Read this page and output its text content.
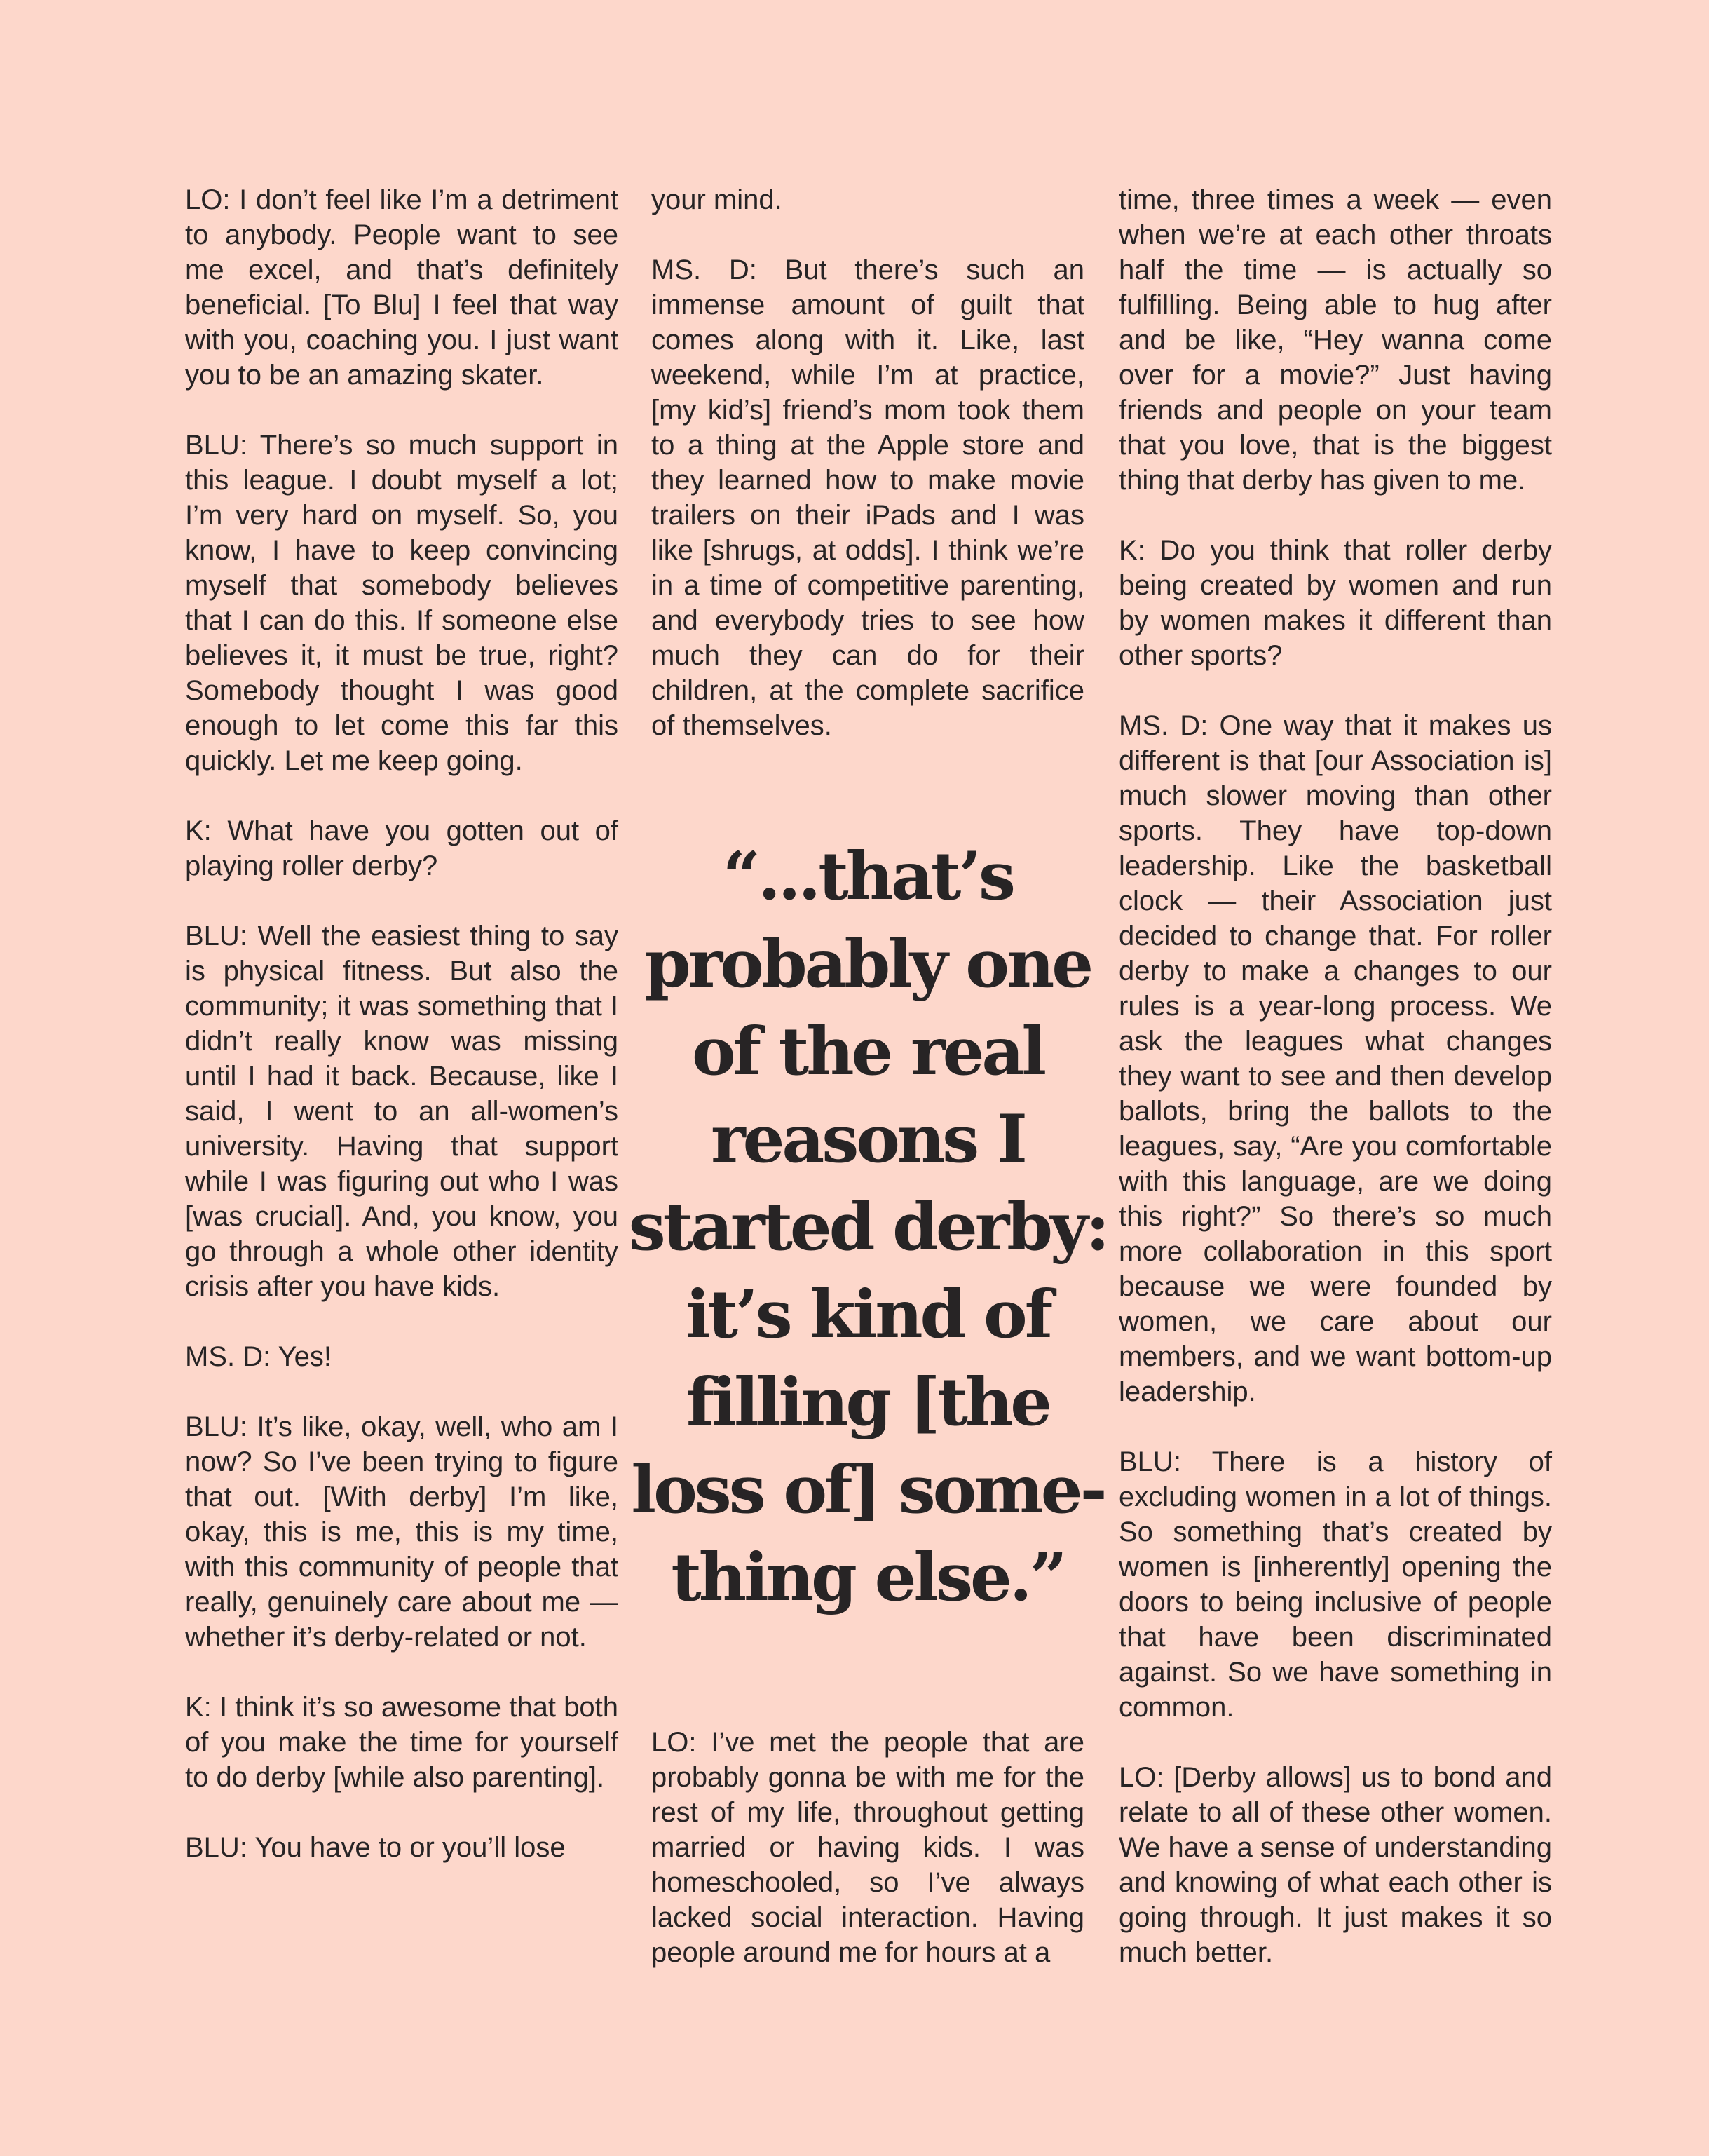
LO: I don’t feel like I’m a detriment to anybody. People want to see me excel, and that’s definitely beneficial. [To Blu] I feel that way with you, coaching you. I just want you to be an amazing skater.

BLU: There’s so much support in this league. I doubt myself a lot; I’m very hard on myself. So, you know, I have to keep convincing myself that somebody believes that I can do this. If someone else believes it, it must be true, right? Somebody thought I was good enough to let come this far this quickly. Let me keep going.

K: What have you gotten out of playing roller derby?

BLU: Well the easiest thing to say is physical fitness. But also the community; it was something that I didn’t really know was missing until I had it back. Because, like I said, I went to an all-women’s university. Having that support while I was figuring out who I was [was crucial]. And, you know, you go through a whole other identity crisis after you have kids.

MS. D: Yes!

BLU: It’s like, okay, well, who am I now? So I’ve been trying to figure that out. [With derby] I’m like, okay, this is me, this is my time, with this community of people that really, genuinely care about me — whether it’s derby-related or not.

K: I think it’s so awesome that both of you make the time for yourself to do derby [while also parenting].

BLU: You have to or you’ll lose

your mind.

MS. D: But there’s such an immense amount of guilt that comes along with it. Like, last weekend, while I’m at practice, [my kid’s] friend’s mom took them to a thing at the Apple store and they learned how to make movie trailers on their iPads and I was like [shrugs, at odds]. I think we’re in a time of competitive parenting, and everybody tries to see how much they can do for their children, at the complete sacrifice of themselves.

“...that’s
probably one
of the real
reasons I
started derby:
it’s kind of
filling [the
loss of] some-
thing else.”

LO: I’ve met the people that are probably gonna be with me for the rest of my life, throughout getting married or having kids. I was homeschooled, so I’ve always lacked social interaction. Having people around me for hours at a

time, three times a week — even when we’re at each other throats half the time — is actually so fulfilling. Being able to hug after and be like, “Hey wanna come over for a movie?” Just having friends and people on your team that you love, that is the biggest thing that derby has given to me.

K: Do you think that roller derby being created by women and run by women makes it different than other sports?

MS. D: One way that it makes us different is that [our Association is] much slower moving than other sports. They have top-down leadership. Like the basketball clock — their Association just decided to change that. For roller derby to make a changes to our rules is a year-long process. We ask the leagues what changes they want to see and then develop ballots, bring the ballots to the leagues, say, “Are you comfortable with this language, are we doing this right?” So there’s so much more collaboration in this sport because we were founded by women, we care about our members, and we want bottom-up leadership.

BLU: There is a history of excluding women in a lot of things. So something that’s created by women is [inherently] opening the doors to being inclusive of people that have been discriminated against. So we have something in common.

LO: [Derby allows] us to bond and relate to all of these other women. We have a sense of understanding and knowing of what each other is going through. It just makes it so much better.
